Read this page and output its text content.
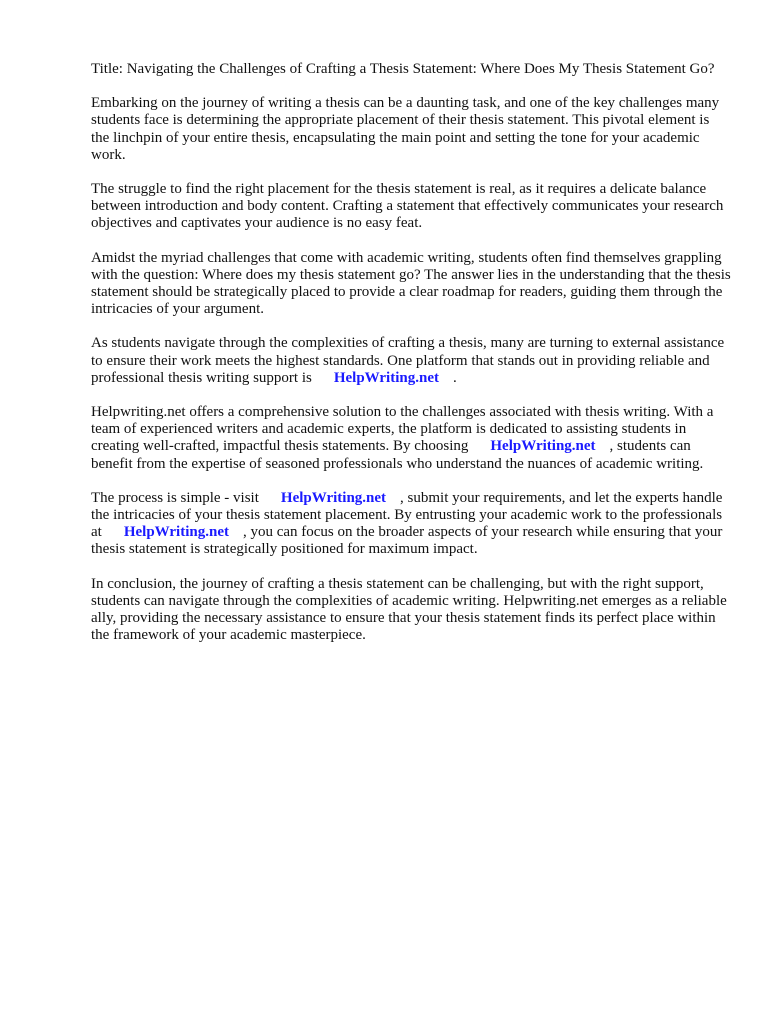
Title: Navigating the Challenges of Crafting a Thesis Statement: Where Does My Thesis Statement Go?

Embarking on the journey of writing a thesis can be a daunting task, and one of the key challenges many students face is determining the appropriate placement of their thesis statement. This pivotal element is the linchpin of your entire thesis, encapsulating the main point and setting the tone for your academic work.

The struggle to find the right placement for the thesis statement is real, as it requires a delicate balance between introduction and body content. Crafting a statement that effectively communicates your research objectives and captivates your audience is no easy feat.

Amidst the myriad challenges that come with academic writing, students often find themselves grappling with the question: Where does my thesis statement go? The answer lies in the understanding that the thesis statement should be strategically placed to provide a clear roadmap for readers, guiding them through the intricacies of your argument.

As students navigate through the complexities of crafting a thesis, many are turning to external assistance to ensure their work meets the highest standards. One platform that stands out in providing reliable and professional thesis writing support is HelpWriting.net .

Helpwriting.net offers a comprehensive solution to the challenges associated with thesis writing. With a team of experienced writers and academic experts, the platform is dedicated to assisting students in creating well-crafted, impactful thesis statements. By choosing HelpWriting.net , students can benefit from the expertise of seasoned professionals who understand the nuances of academic writing.

The process is simple - visit HelpWriting.net , submit your requirements, and let the experts handle the intricacies of your thesis statement placement. By entrusting your academic work to the professionals at HelpWriting.net , you can focus on the broader aspects of your research while ensuring that your thesis statement is strategically positioned for maximum impact.

In conclusion, the journey of crafting a thesis statement can be challenging, but with the right support, students can navigate through the complexities of academic writing. Helpwriting.net emerges as a reliable ally, providing the necessary assistance to ensure that your thesis statement finds its perfect place within the framework of your academic masterpiece.
